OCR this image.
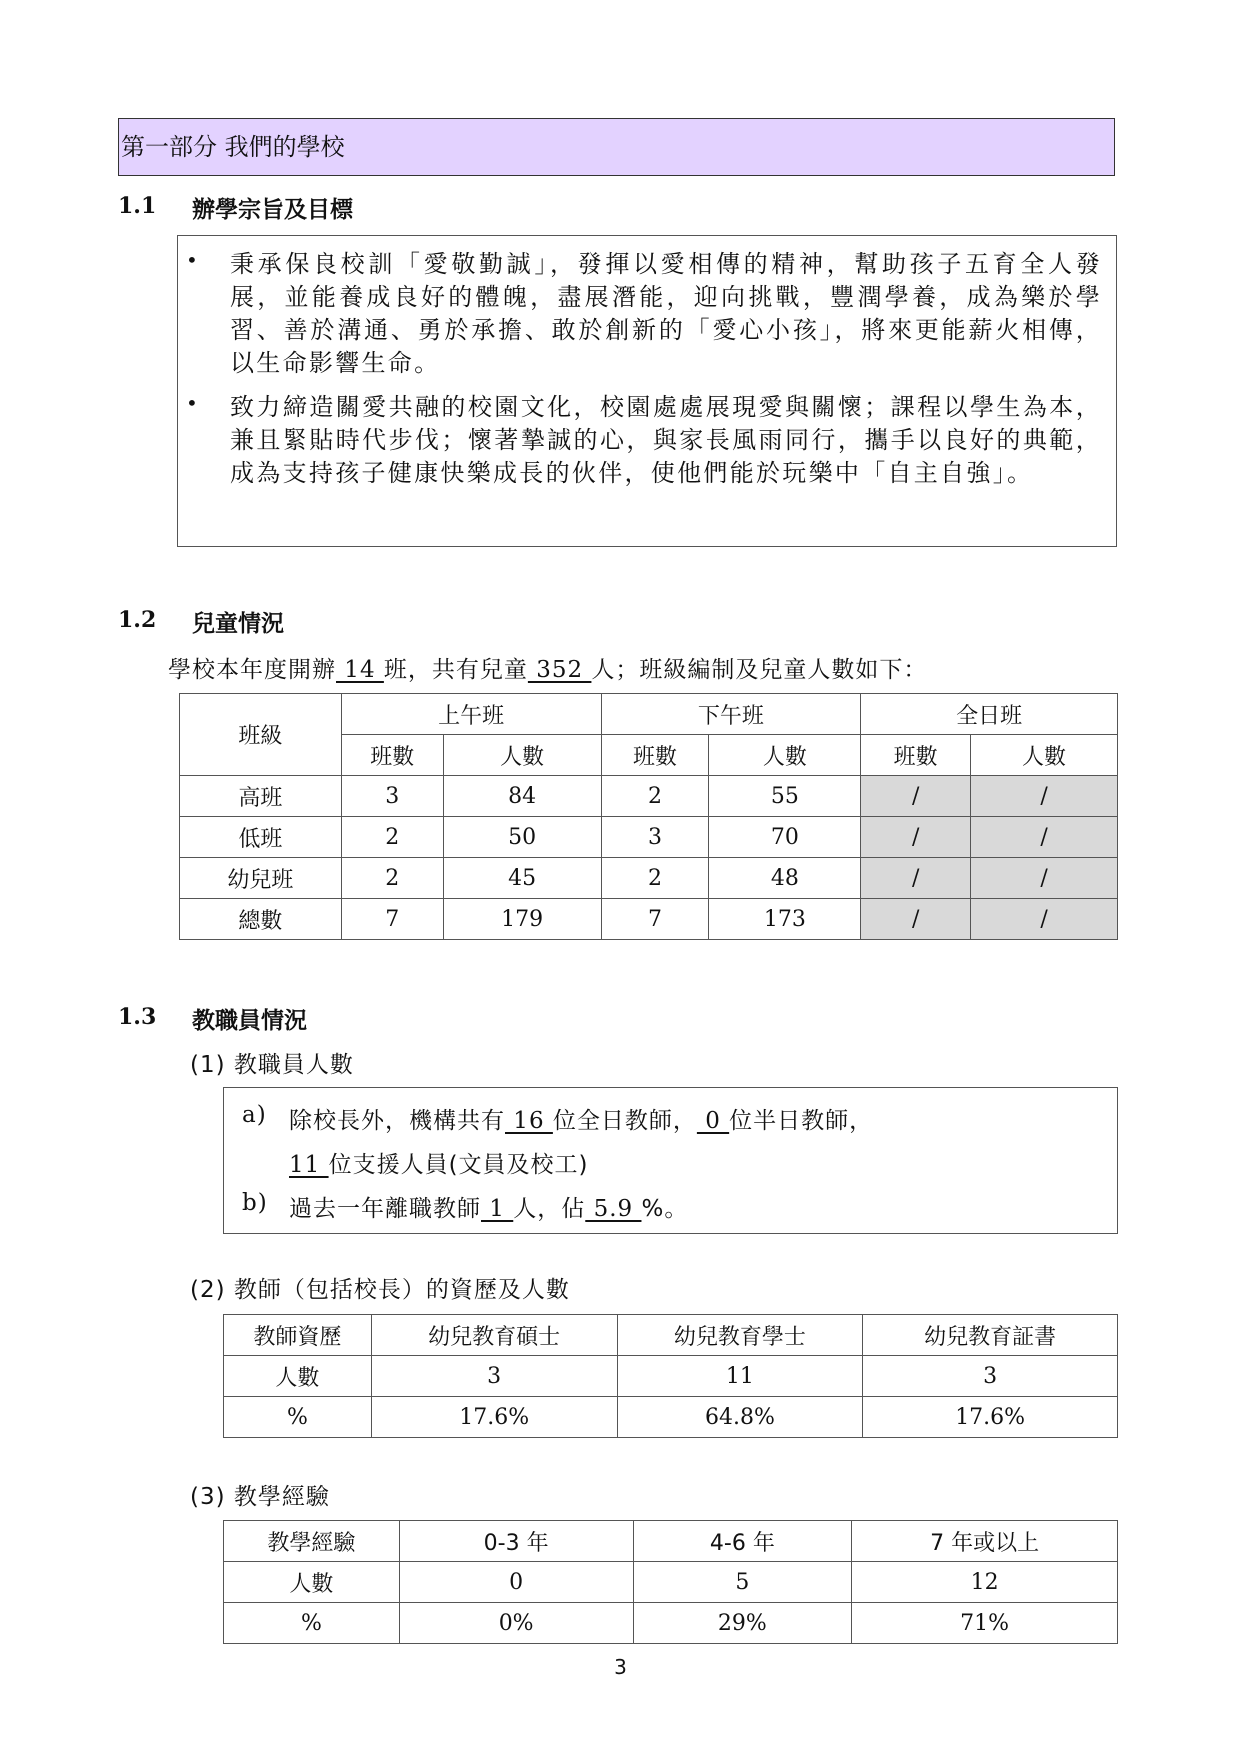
第一部分 我們的學校
1.1 辦學宗旨及目標
• 秉承保良校訓「愛敬勤誠」，發揮以愛相傳的精神，幫助孩子五育全人發展，並能養成良好的體魄，盡展潛能，迎向挑戰，豐潤學養，成為樂於學習、善於溝通、勇於承擔、敢於創新的「愛心小孩」，將來更能薪火相傳，以生命影響生命。
• 致力締造關愛共融的校園文化，校園處處展現愛與關懷；課程以學生為本，兼且緊貼時代步伐；懷著摯誠的心，與家長風雨同行，攜手以良好的典範，成為支持孩子健康快樂成長的伙伴，使他們能於玩樂中「自主自強」。
1.2 兒童情況
學校本年度開辦 14 班，共有兒童 352 人；班級編制及兒童人數如下：
班級	上午班		下午班		全日班	
	班數	人數	班數	人數	班數	人數
高班	3	84	2	55	/	/
低班	2	50	3	70	/	/
幼兒班	2	45	2	48	/	/
總數	7	179	7	173	/	/
1.3 教職員情況
(1) 教職員人數
a) 除校長外，機構共有 16 位全日教師， 0 位半日教師，
11 位支援人員(文員及校工)
b) 過去一年離職教師 1 人，佔 5.9 %。
(2) 教師（包括校長）的資歷及人數
教師資歷	幼兒教育碩士	幼兒教育學士	幼兒教育証書
人數	3	11	3
%	17.6%	64.8%	17.6%
(3) 教學經驗
教學經驗	0-3 年	4-6 年	7 年或以上
人數	0	5	12
%	0%	29%	71%
3
